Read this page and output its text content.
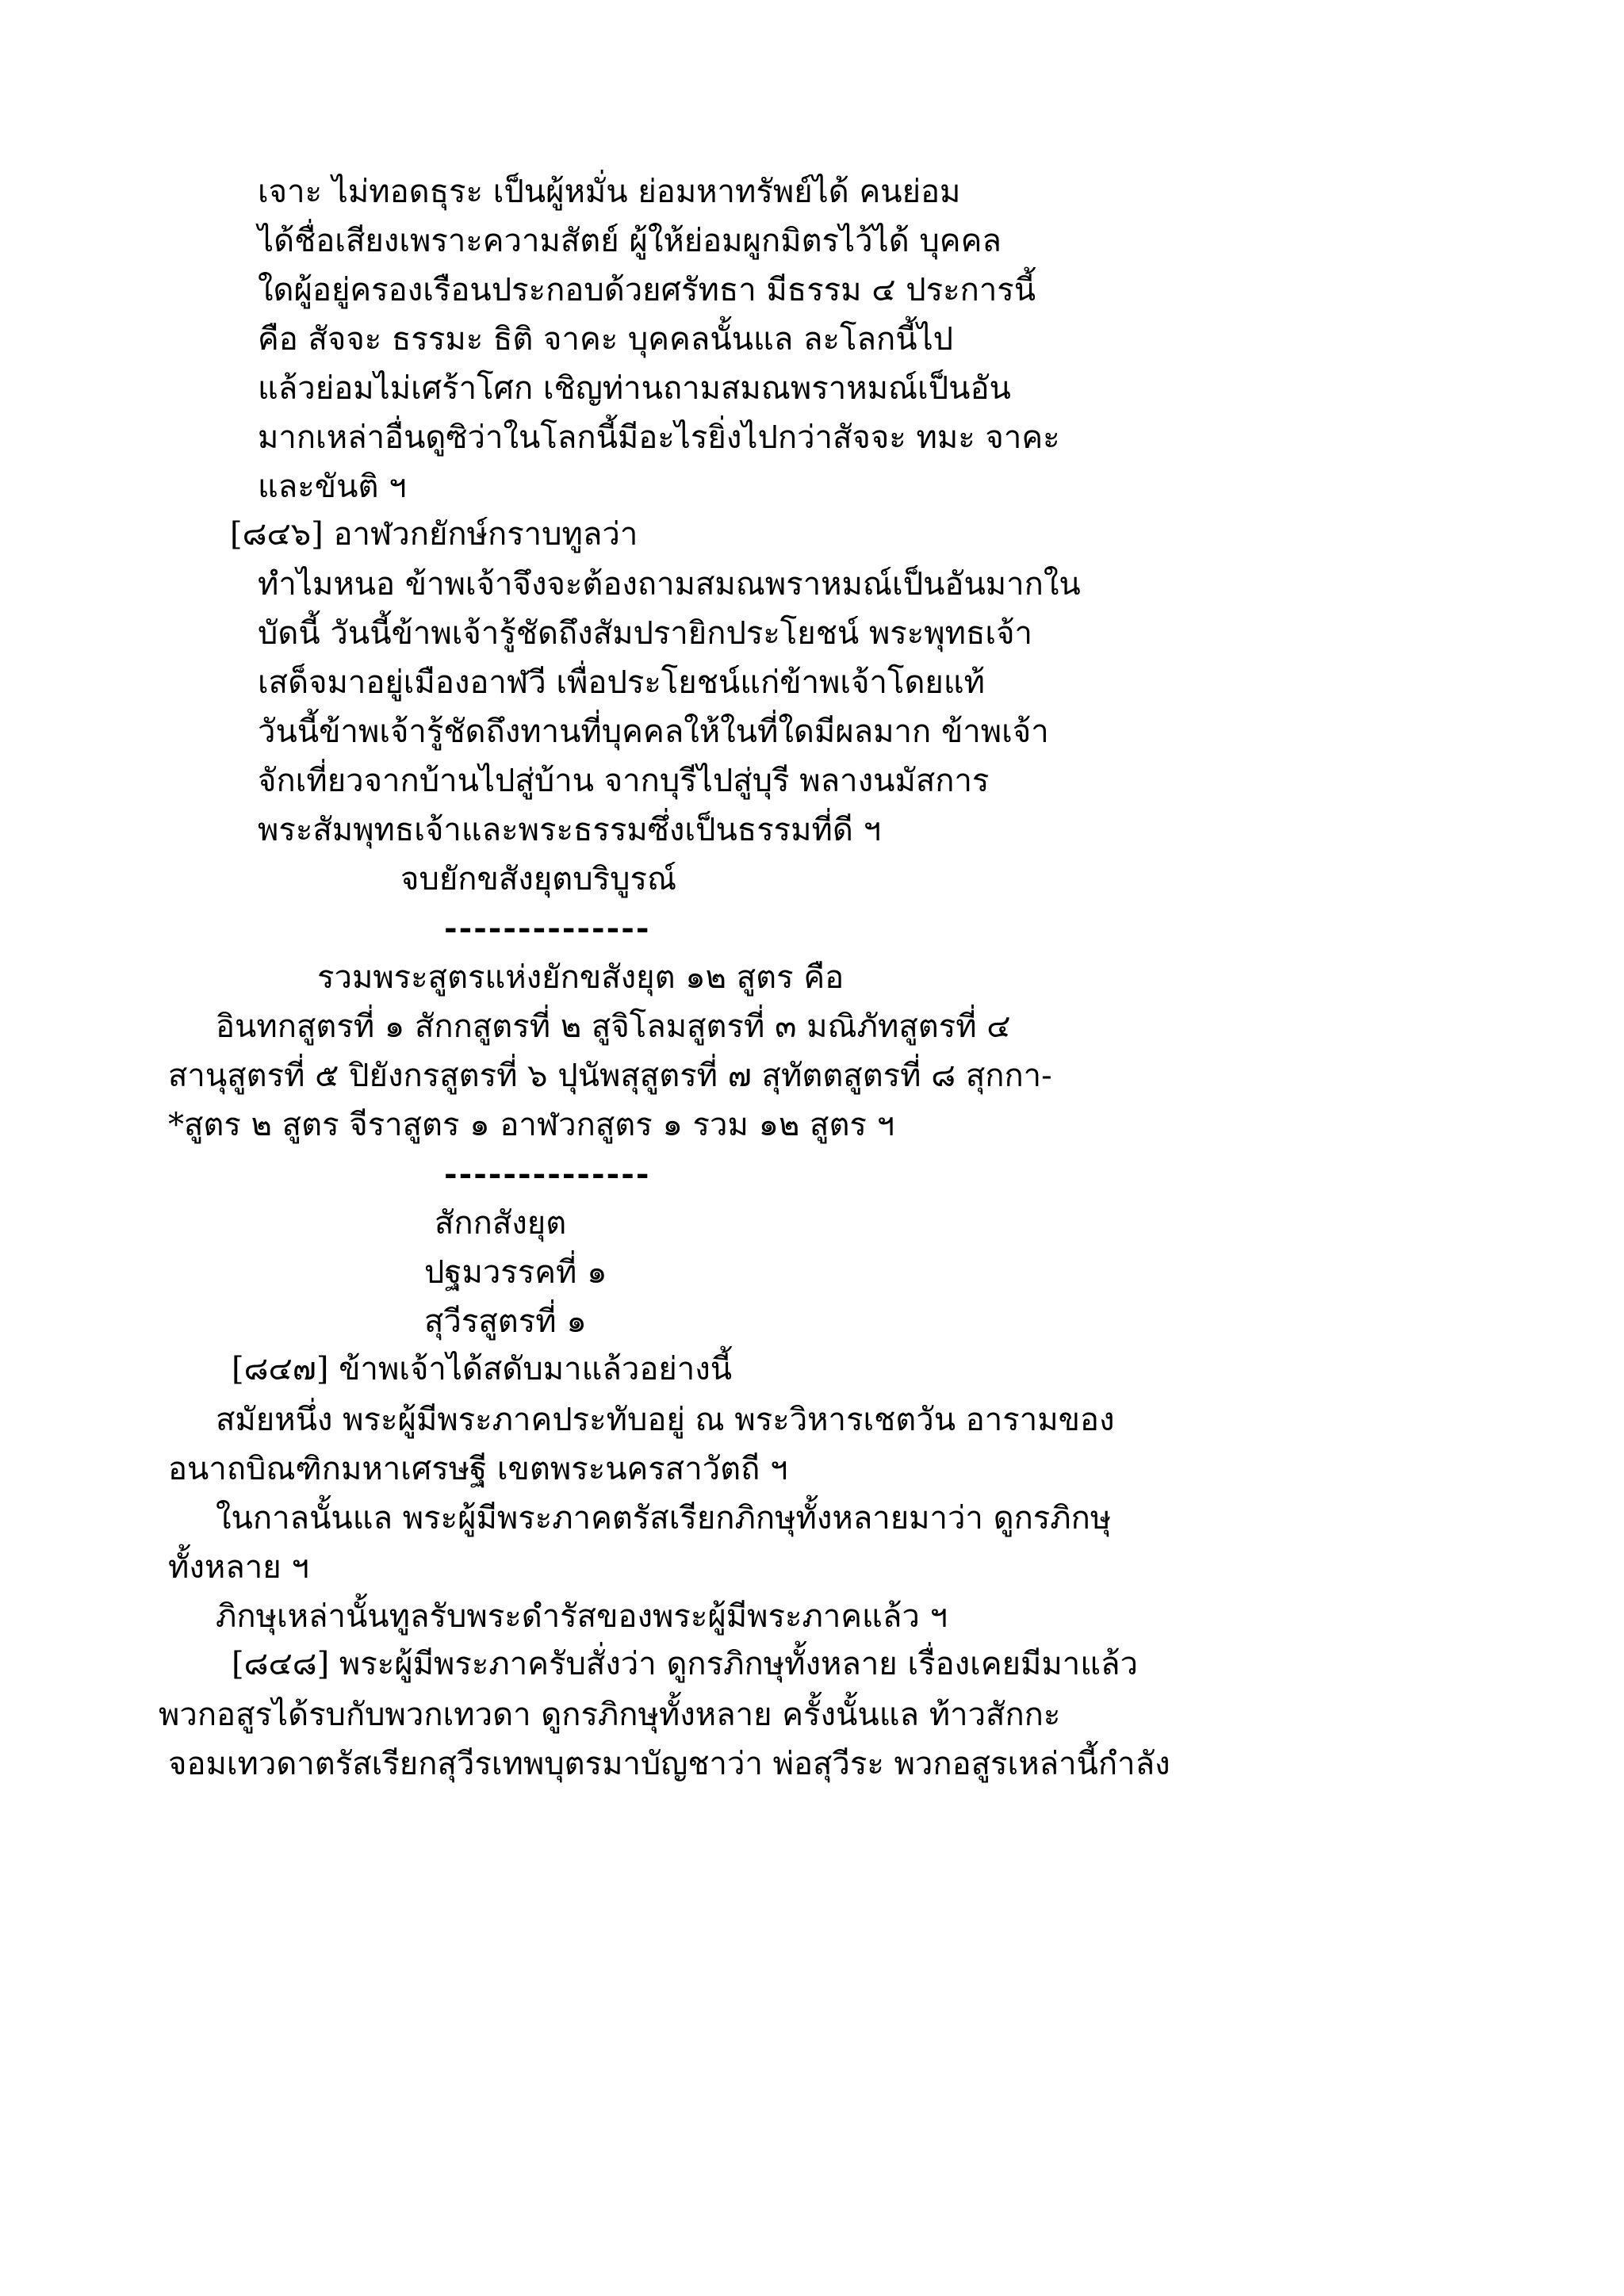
เจาะ ไม่ทอดธุระ เป็นผู้หมั่น ย่อมหาทรัพย์ได้ คนย่อม
ได้ชื่อเสียงเพราะความสัตย์ ผู้ให้ย่อมผูกมิตรไว้ได้ บุคคล
ใดผู้อยู่ครองเรือนประกอบด้วยศรัทธา มีธรรม ๔ ประการนี้
คือ สัจจะ ธรรมะ ธิติ จาคะ บุคคลนั้นแล ละโลกนี้ไป
แล้วย่อมไม่เศร้าโศก เชิญท่านถามสมณพราหมณ์เป็นอัน
มากเหล่าอื่นดูซิว่าในโลกนี้มีอะไรยิ่งไปกว่าสัจจะ ทมะ จาคะ
และขันติ ฯ
[๘๔๖] อาฬวกยักษ์กราบทูลว่า
ทำไมหนอ ข้าพเจ้าจึงจะต้องถามสมณพราหมณ์เป็นอันมากใน
บัดนี้ วันนี้ข้าพเจ้ารู้ชัดถึงสัมปรายิกประโยชน์ พระพุทธเจ้า
เสด็จมาอยู่เมืองอาฬวี เพื่อประโยชน์แก่ข้าพเจ้าโดยแท้
วันนี้ข้าพเจ้ารู้ชัดถึงทานที่บุคคลให้ในที่ใดมีผลมาก ข้าพเจ้า
จักเที่ยวจากบ้านไปสู่บ้าน จากบุรีไปสู่บุรี พลางนมัสการ
พระสัมพุทธเจ้าและพระธรรมซึ่งเป็นธรรมที่ดี ฯ
จบยักขสังยุตบริบูรณ์
--------------
รวมพระสูตรแห่งยักขสังยุต ๑๒ สูตร คือ
อินทกสูตรที่ ๑ สักกสูตรที่ ๒ สูจิโลมสูตรที่ ๓ มณิภัทสูตรที่ ๔
สานุสูตรที่ ๕ ปิยังกรสูตรที่ ๖ ปุนัพสุสูตรที่ ๗ สุทัตตสูตรที่ ๘ สุกกา-
*สูตร ๒ สูตร จีราสูตร ๑ อาฬวกสูตร ๑ รวม ๑๒ สูตร ฯ
--------------
สักกสังยุต
ปฐมวรรคที่ ๑
สุวีรสูตรที่ ๑
[๘๔๗] ข้าพเจ้าได้สดับมาแล้วอย่างนี้
สมัยหนึ่ง พระผู้มีพระภาคประทับอยู่ ณ พระวิหารเชตวัน อารามของ
อนาถบิณฑิกมหาเศรษฐี เขตพระนครสาวัตถี ฯ
ในกาลนั้นแล พระผู้มีพระภาคตรัสเรียกภิกษุทั้งหลายมาว่า ดูกรภิกษุ
ทั้งหลาย ฯ
ภิกษุเหล่านั้นทูลรับพระดำรัสของพระผู้มีพระภาคแล้ว ฯ
[๘๔๘] พระผู้มีพระภาครับสั่งว่า ดูกรภิกษุทั้งหลาย เรื่องเคยมีมาแล้ว
พวกอสูรได้รบกับพวกเทวดา ดูกรภิกษุทั้งหลาย ครั้งนั้นแล ท้าวสักกะ
จอมเทวดาตรัสเรียกสุวีรเทพบุตรมาบัญชาว่า พ่อสุวีระ พวกอสูรเหล่านี้กำลัง
